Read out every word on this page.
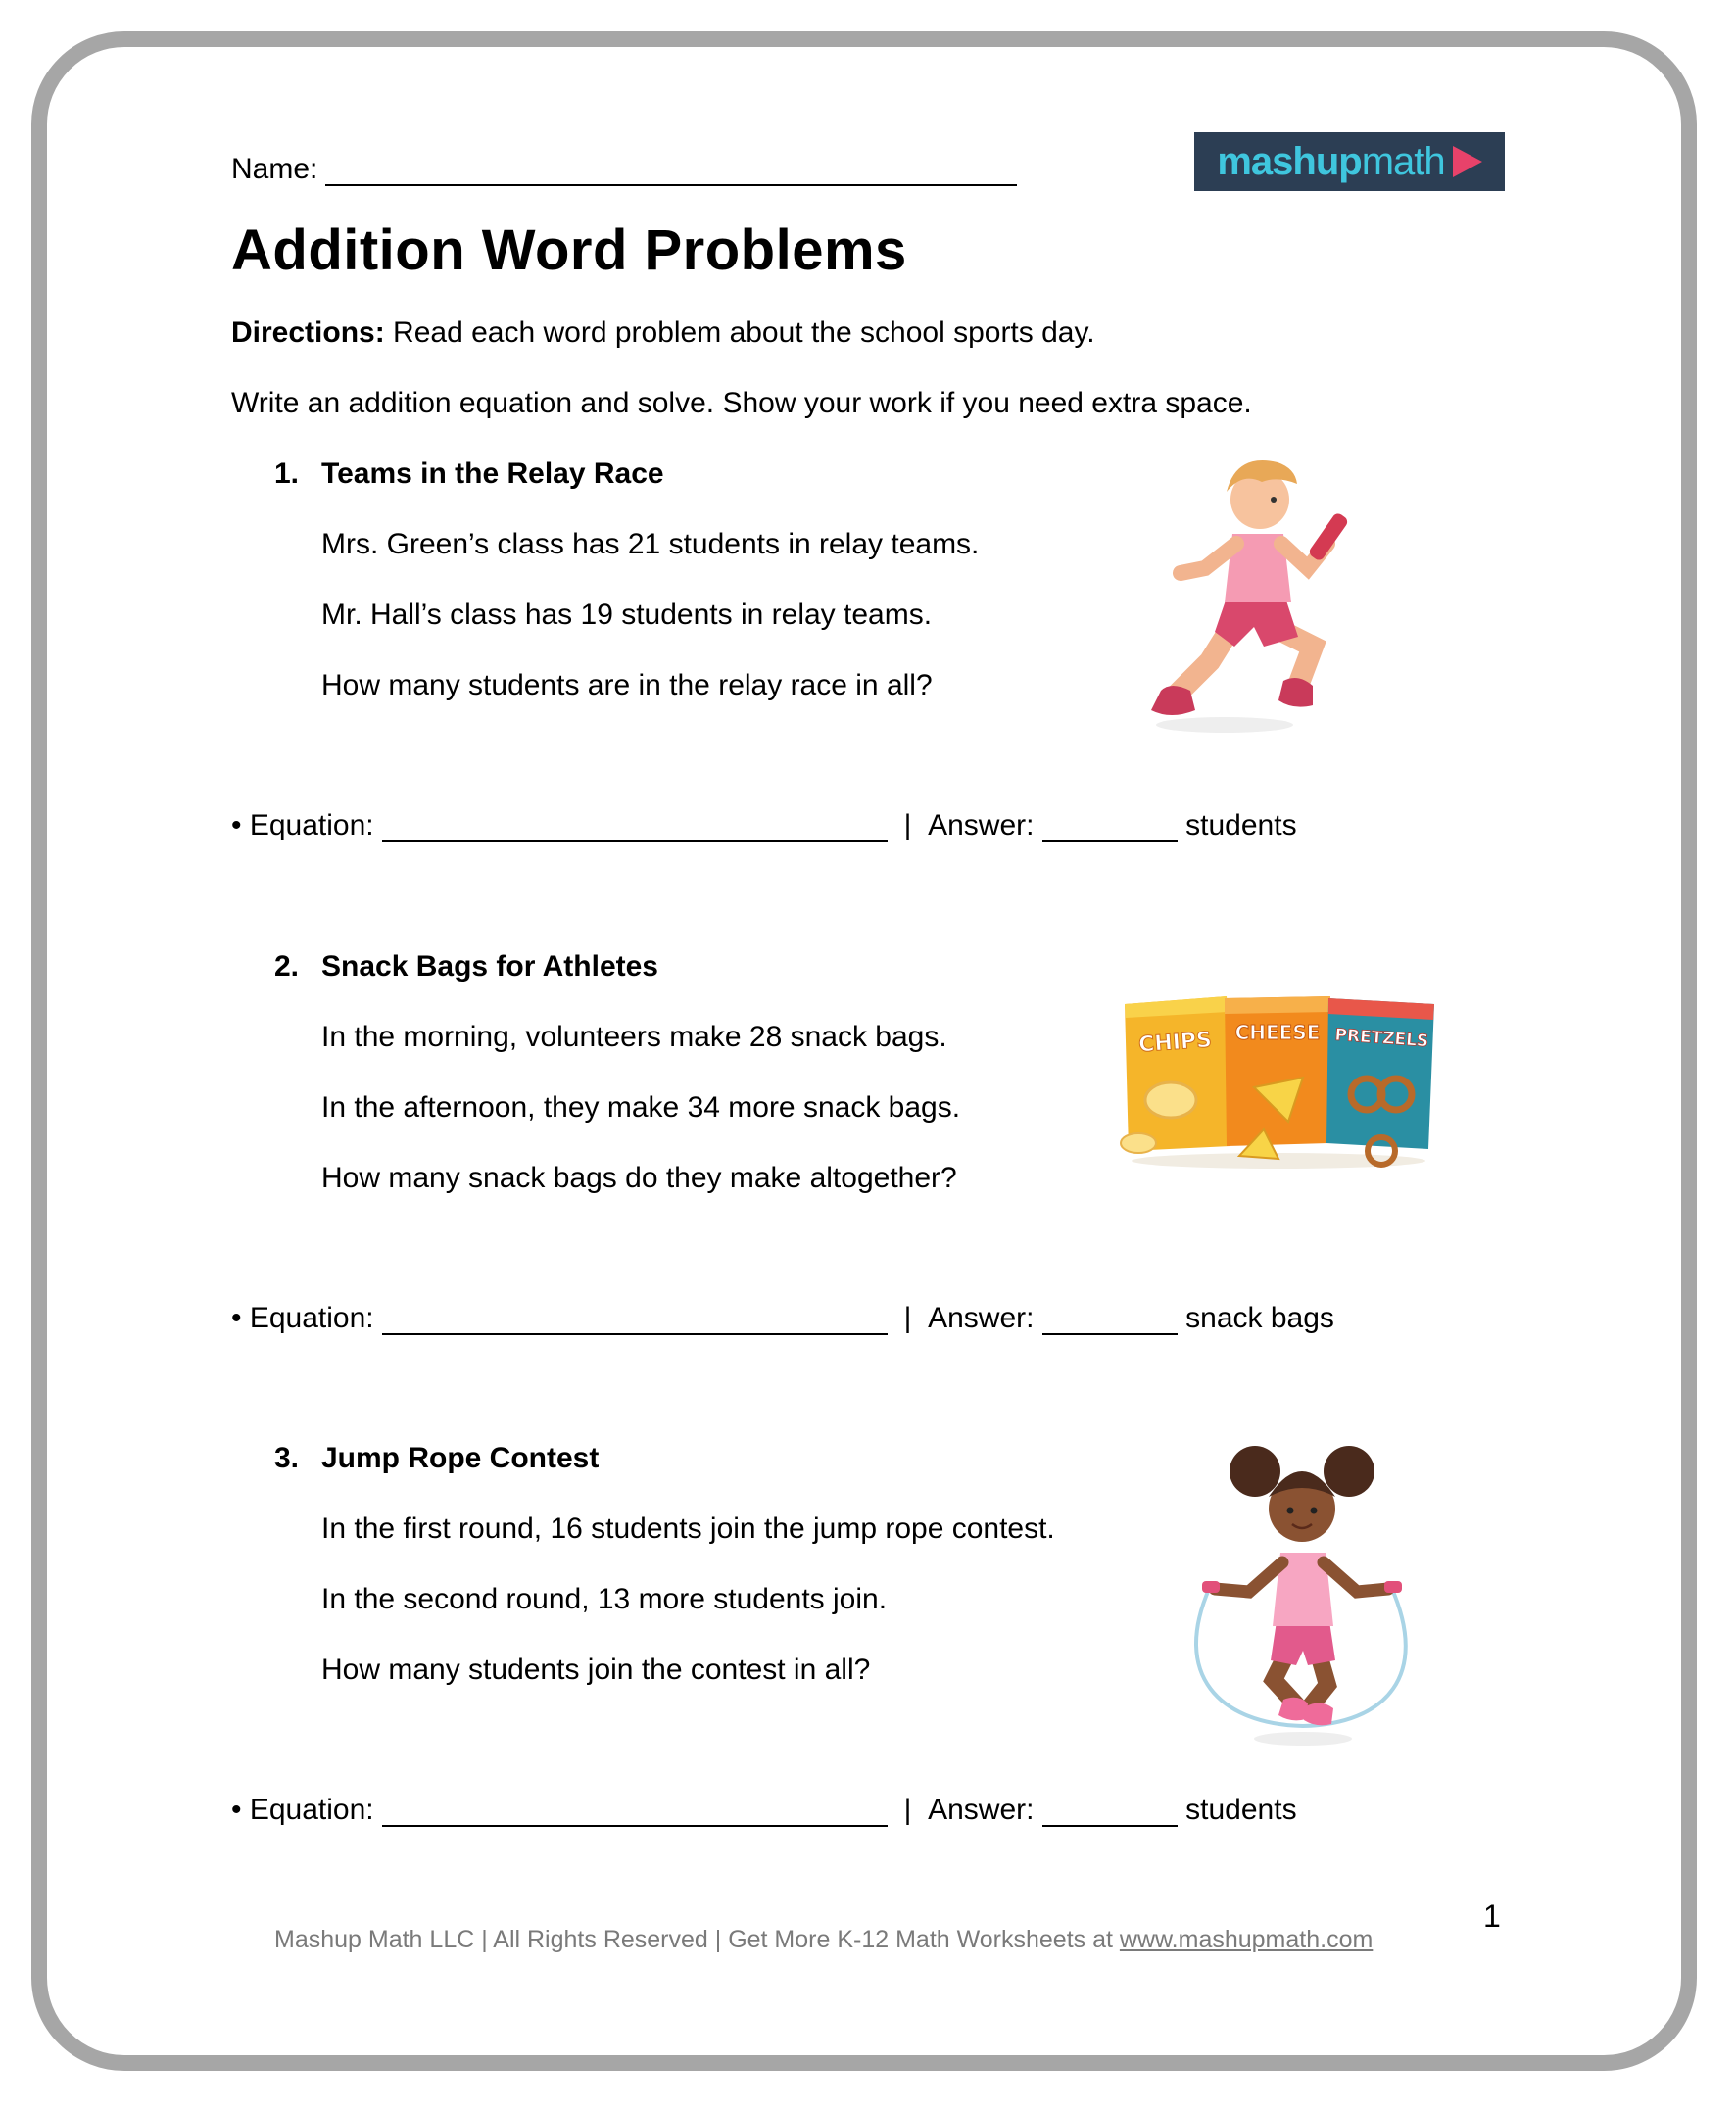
Name:	mashupmath
Addition Word Problems
Directions: Read each word problem about the school sports day.
Write an addition equation and solve. Show your work if you need extra space.
1. Teams in the Relay Race
Mrs. Green’s class has 21 students in relay teams.
Mr. Hall’s class has 19 students in relay teams.
How many students are in the relay race in all?
• Equation:

	|
Answer:

	students
2. Snack Bags for Athletes
In the morning, volunteers make 28 snack bags.
In the afternoon, they make 34 more snack bags.
How many snack bags do they make altogether?
• Equation:

	|
Answer:

	snack bags
CHIPS CHEESE PRETZELS
3. Jump Rope Contest
In the first round, 16 students join the jump rope contest.
In the second round, 13 more students join.
How many students join the contest in all?
• Equation:

	|
Answer:

	students
Mashup Math LLC | All Rights Reserved | Get More K-12 Math Worksheets at www.mashupmath.com
1
